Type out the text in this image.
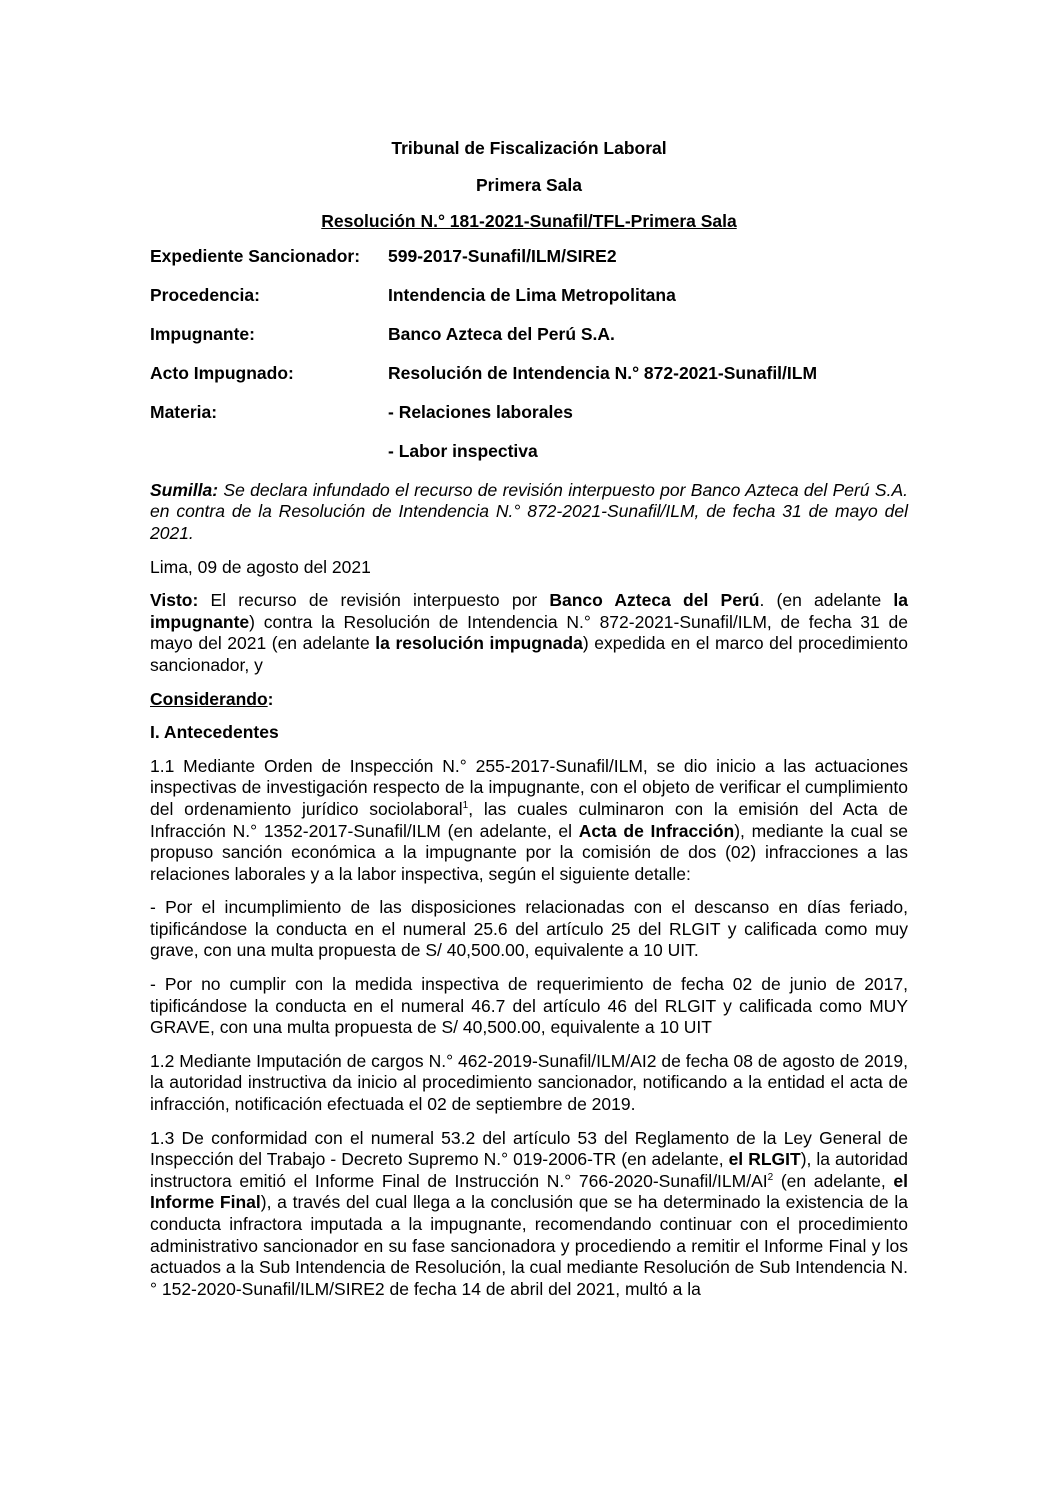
Tribunal de Fiscalización Laboral

Primera Sala

Resolución N.° 181-2021-Sunafil/TFL-Primera Sala

Expediente Sancionador:	599-2017-Sunafil/ILM/SIRE2
Procedencia:	Intendencia de Lima Metropolitana
Impugnante:	Banco Azteca del Perú S.A.
Acto Impugnado:	Resolución de Intendencia N.° 872-2021-Sunafil/ILM
Materia:	- Relaciones laborales
	- Labor inspectiva

Sumilla: Se declara infundado el recurso de revisión interpuesto por Banco Azteca del Perú S.A. en contra de la Resolución de Intendencia N.° 872-2021-Sunafil/ILM, de fecha 31 de mayo del 2021.

Lima, 09 de agosto del 2021

Visto: El recurso de revisión interpuesto por Banco Azteca del Perú. (en adelante la impugnante) contra la Resolución de Intendencia N.° 872-2021-Sunafil/ILM, de fecha 31 de mayo del 2021 (en adelante la resolución impugnada) expedida en el marco del procedimiento sancionador, y

Considerando:

I. Antecedentes

1.1 Mediante Orden de Inspección N.° 255-2017-Sunafil/ILM, se dio inicio a las actuaciones inspectivas de investigación respecto de la impugnante, con el objeto de verificar el cumplimiento del ordenamiento jurídico sociolaboral$^1$, las cuales culminaron con la emisión del Acta de Infracción N.° 1352-2017-Sunafil/ILM (en adelante, el Acta de Infracción), mediante la cual se propuso sanción económica a la impugnante por la comisión de dos (02) infracciones a las relaciones laborales y a la labor inspectiva, según el siguiente detalle:

- Por el incumplimiento de las disposiciones relacionadas con el descanso en días feriado, tipificándose la conducta en el numeral 25.6 del artículo 25 del RLGIT y calificada como muy grave, con una multa propuesta de S/ 40,500.00, equivalente a 10 UIT.

- Por no cumplir con la medida inspectiva de requerimiento de fecha 02 de junio de 2017, tipificándose la conducta en el numeral 46.7 del artículo 46 del RLGIT y calificada como MUY GRAVE, con una multa propuesta de S/ 40,500.00, equivalente a 10 UIT

1.2 Mediante Imputación de cargos N.° 462-2019-Sunafil/ILM/AI2 de fecha 08 de agosto de 2019, la autoridad instructiva da inicio al procedimiento sancionador, notificando a la entidad el acta de infracción, notificación efectuada el 02 de septiembre de 2019.

1.3 De conformidad con el numeral 53.2 del artículo 53 del Reglamento de la Ley General de Inspección del Trabajo - Decreto Supremo N.° 019-2006-TR (en adelante, el RLGIT), la autoridad instructora emitió el Informe Final de Instrucción N.° $766-2020-Sunafil/ILM/AI^2$ (en adelante, el Informe Final), a través del cual llega a la conclusión que se ha determinado la existencia de la conducta infractora imputada a la impugnante, recomendando continuar con el procedimiento administrativo sancionador en su fase sancionadora y procediendo a remitir el Informe Final y los actuados a la Sub Intendencia de Resolución, la cual mediante Resolución de Sub Intendencia N.° 152-2020-Sunafil/ILM/SIRE2 de fecha 14 de abril del 2021, multó a la
